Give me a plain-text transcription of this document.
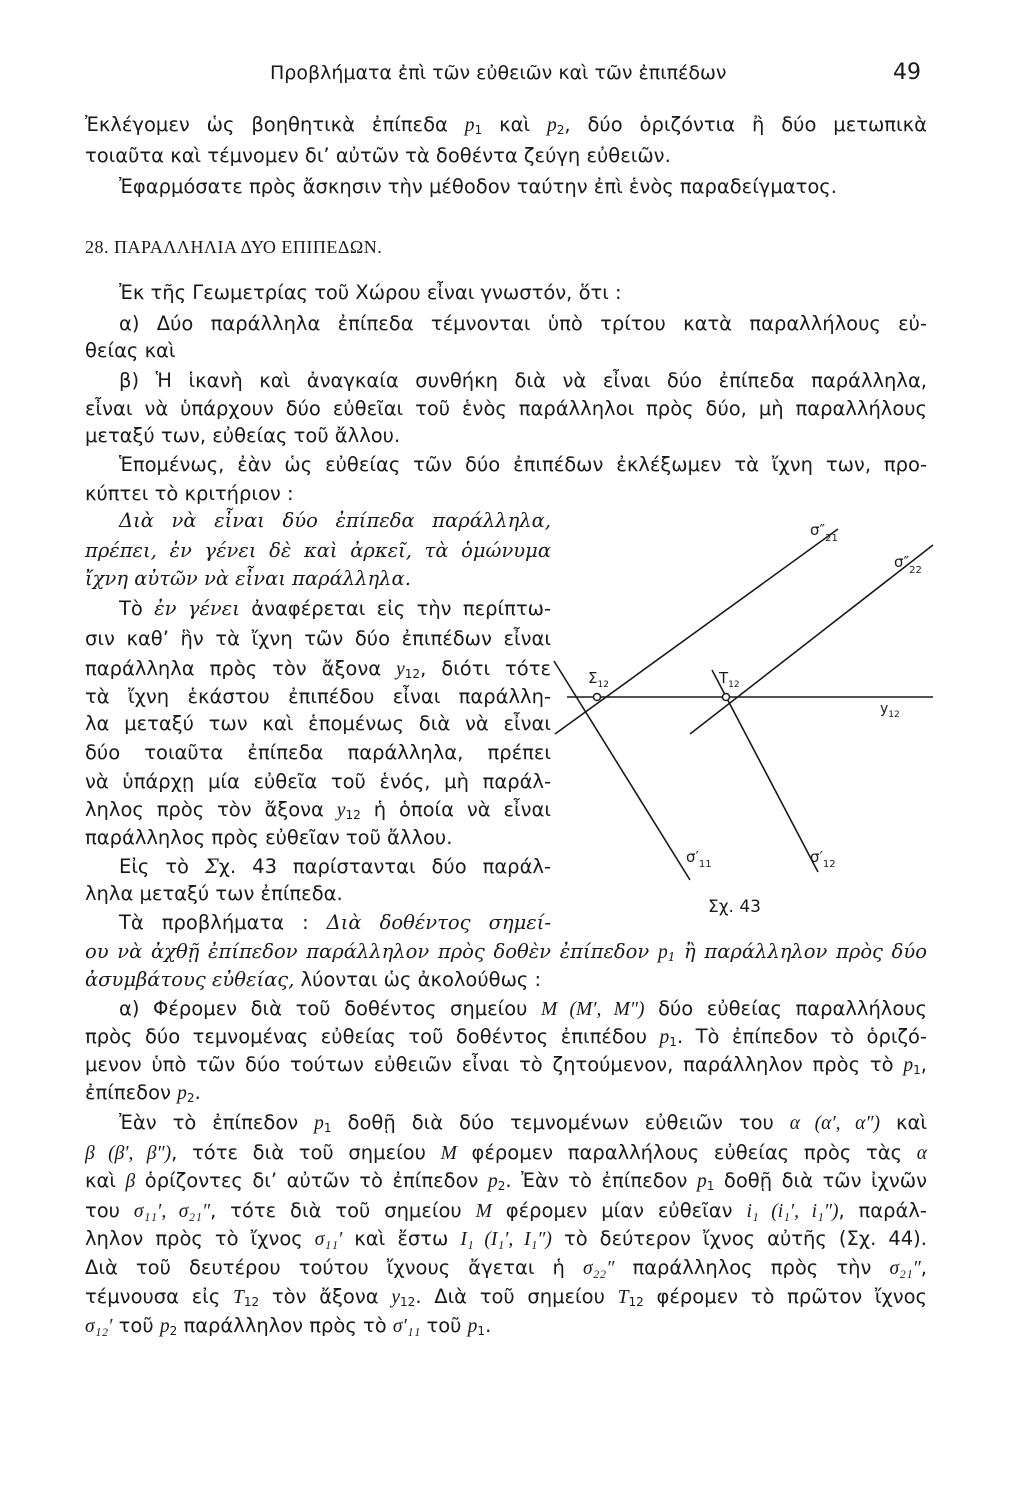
Προβλήματα ἐπὶ τῶν εὐθειῶν καὶ τῶν ἐπιπέδων	49
Ἐκλέγομεν ὡς βοηθητικὰ ἐπίπεδα $p_1$ καὶ $p_2$, δύο ὁριζόντια ἢ δύο μετωπικὰ
τοιαῦτα καὶ τέμνομεν δι’ αὐτῶν τὰ δοθέντα ζεύγη εὐθειῶν.
Ἐφαρμόσατε πρὸς ἄσκησιν τὴν μέθοδον ταύτην ἐπὶ ἑνὸς παραδείγματος.
28. ΠΑΡΑΛΛΗΛΙΑ ΔΥΟ ΕΠΙΠΕΔΩΝ.
Ἐκ τῆς Γεωμετρίας τοῦ Χώρου εἶναι γνωστόν, ὅτι :
α) Δύο παράλληλα ἐπίπεδα τέμνονται ὑπὸ τρίτου κατὰ παραλλήλους εὐ-
θείας καὶ
β) Ἡ ἱκανὴ καὶ ἀναγκαία συνθήκη διὰ νὰ εἶναι δύο ἐπίπεδα παράλληλα,
εἶναι νὰ ὑπάρχουν δύο εὐθεῖαι τοῦ ἑνὸς παράλληλοι πρὸς δύο, μὴ παραλλήλους
μεταξύ των, εὐθείας τοῦ ἄλλου.
Ἑπομένως, ἐὰν ὡς εὐθείας τῶν δύο ἐπιπέδων ἐκλέξωμεν τὰ ἴχνη των, προ-
κύπτει τὸ κριτήριον :
Διὰ νὰ εἶναι δύο ἐπίπεδα παράλληλα,
πρέπει, ἐν γένει δὲ καὶ ἀρκεῖ, τὰ ὁμώνυμα
ἴχνη αὐτῶν νὰ εἶναι παράλληλα.
Τὸ ἐν γένει ἀναφέρεται εἰς τὴν περίπτω-
σιν καθ’ ἣν τὰ ἴχνη τῶν δύο ἐπιπέδων εἶναι
παράλληλα πρὸς τὸν ἄξονα $y_{12}$, διότι τότε
τὰ ἴχνη ἑκάστου ἐπιπέδου εἶναι παράλλη-
λα μεταξύ των καὶ ἑπομένως διὰ νὰ εἶναι
δύο τοιαῦτα ἐπίπεδα παράλληλα, πρέπει
νὰ ὑπάρχῃ μία εὐθεῖα τοῦ ἑνός, μὴ παράλ-
ληλος πρὸς τὸν ἄξονα $y_{12}$ ἡ ὁποία νὰ εἶναι
παράλληλος πρὸς εὐθεῖαν τοῦ ἄλλου.
Εἰς τὸ Σχ. 43 παρίστανται δύο παράλ-
ληλα μεταξύ των ἐπίπεδα.
Τὰ προβλήματα : Διὰ δοθέντος σημεί-
ου νὰ ἀχθῇ ἐπίπεδον παράλληλον πρὸς δοθὲν ἐπίπεδον $p_1$ ἢ παράλληλον πρὸς δύο
ἀσυμβάτους εὐθείας, λύονται ὡς ἀκολούθως :
α) Φέρομεν διὰ τοῦ δοθέντος σημείου M (M′, M″) δύο εὐθείας παραλλήλους
πρὸς δύο τεμνομένας εὐθείας τοῦ δοθέντος ἐπιπέδου $p_1$. Τὸ ἐπίπεδον τὸ ὁριζό-
μενον ὑπὸ τῶν δύο τούτων εὐθειῶν εἶναι τὸ ζητούμενον, παράλληλον πρὸς τὸ $p_1$,
ἐπίπεδον $p_2$.
Ἐὰν τὸ ἐπίπεδον $p_1$ δοθῇ διὰ δύο τεμνομένων εὐθειῶν του α (α′, α″) καὶ
β (β′, β″), τότε διὰ τοῦ σημείου M φέρομεν παραλλήλους εὐθείας πρὸς τὰς α
καὶ β ὁρίζοντες δι’ αὐτῶν τὸ ἐπίπεδον $p_2$. Ἐὰν τὸ ἐπίπεδον $p_1$ δοθῇ διὰ τῶν ἰχνῶν
του σ₁₁′, σ₂₁″, τότε διὰ τοῦ σημείου M φέρομεν μίαν εὐθεῖαν i₁ (i₁′, i₁″), παράλ-
ληλον πρὸς τὸ ἴχνος σ₁₁′ καὶ ἔστω I₁ (I₁′, I₁″) τὸ δεύτερον ἴχνος αὐτῆς (Σχ. 44).
Διὰ τοῦ δευτέρου τούτου ἴχνους ἄγεται ἡ σ₂₂″ παράλληλος πρὸς τὴν σ₂₁″,
τέμνουσα εἰς $T_{12}$ τὸν ἄξονα $y_{12}$. Διὰ τοῦ σημείου $T_{12}$ φέρομεν τὸ πρῶτον ἴχνος
σ₁₂′ τοῦ $p_2$ παράλληλον πρὸς τὸ σ′₁₁ τοῦ $p_1$.
$\sigma''_{21}$
$\sigma''_{22}$
$\Sigma_{12}$	$T_{12}$
$y_{12}$
$\sigma'_{11}$	$\sigma'_{12}$
Σχ. 43
